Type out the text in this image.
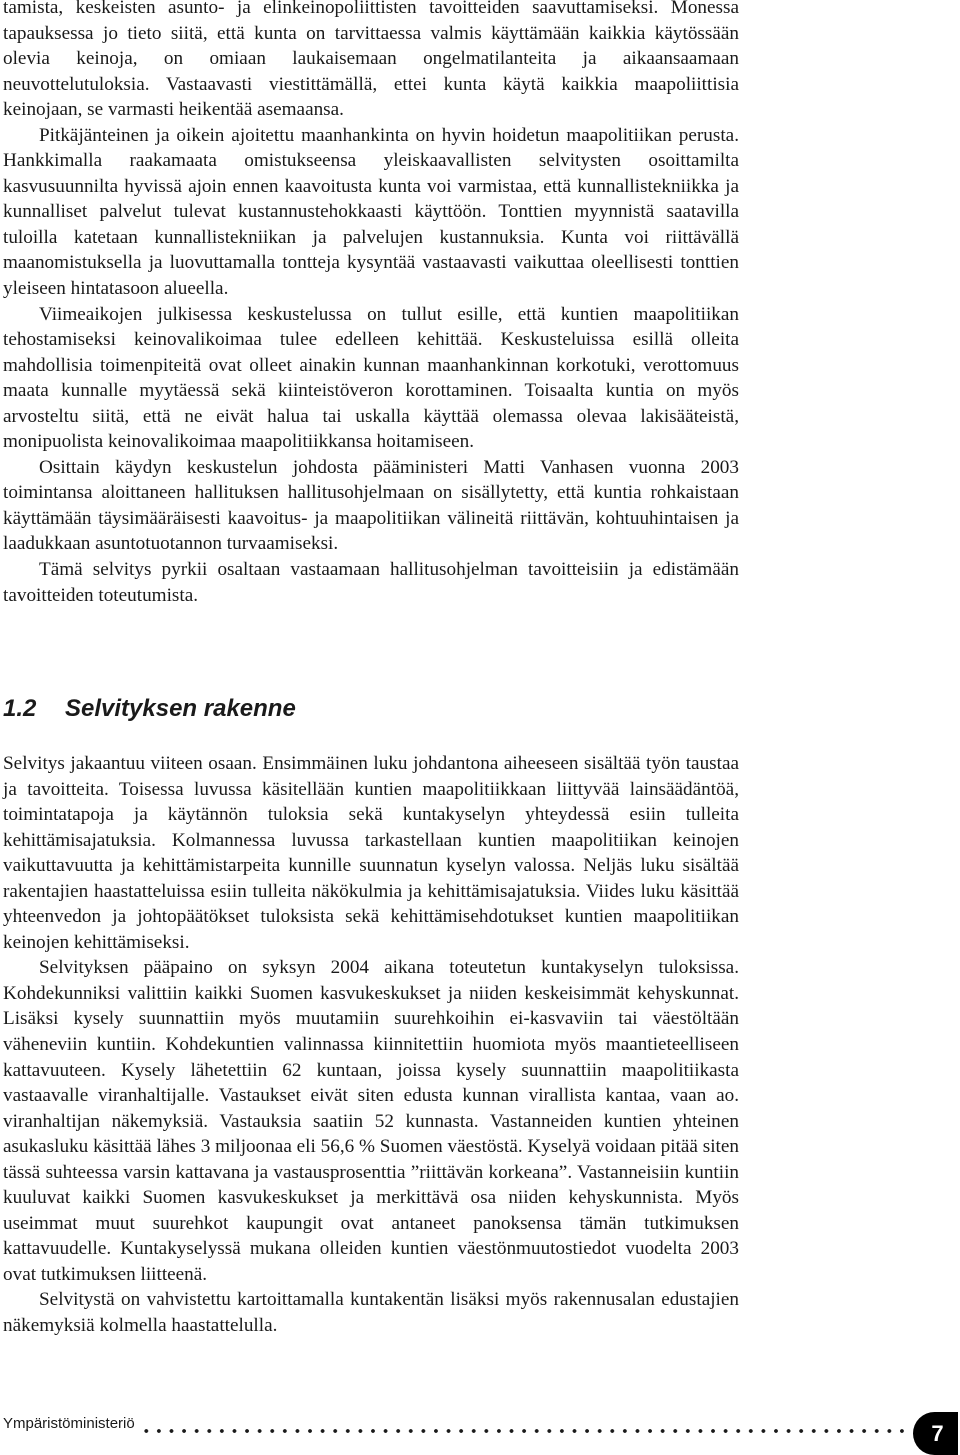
tamista, keskeisten asunto- ja elinkeinopoliittisten tavoitteiden saavuttamiseksi. Monessa tapauksessa jo tieto siitä, että kunta on tarvittaessa valmis käyttämään kaikkia käytössään olevia keinoja, on omiaan laukaisemaan ongelmatilanteita ja aikaansaamaan neuvottelutuloksia. Vastaavasti viestittämällä, ettei kunta käytä kaikkia maapoliittisia keinojaan, se varmasti heikentää asemaansa.

Pitkäjänteinen ja oikein ajoitettu maanhankinta on hyvin hoidetun maapolitiikan perusta. Hankkimalla raakamaata omistukseensa yleiskaavallisten selvitysten osoittamilta kasvusuunnilta hyvissä ajoin ennen kaavoitusta kunta voi varmistaa, että kunnallistekniikka ja kunnalliset palvelut tulevat kustannustehokkaasti käyttöön. Tonttien myynnistä saatavilla tuloilla katetaan kunnallistekniikan ja palvelujen kustannuksia. Kunta voi riittävällä maanomistuksella ja luovuttamalla tontteja kysyntää vastaavasti vaikuttaa oleellisesti tonttien yleiseen hintatasoon alueella.

Viimeaikojen julkisessa keskustelussa on tullut esille, että kuntien maapolitiikan tehostamiseksi keinovalikoimaa tulee edelleen kehittää. Keskusteluissa esillä olleita mahdollisia toimenpiteitä ovat olleet ainakin kunnan maanhankinnan korkotuki, verottomuus maata kunnalle myytäessä sekä kiinteistöveron korottaminen. Toisaalta kuntia on myös arvosteltu siitä, että ne eivät halua tai uskalla käyttää olemassa olevaa lakisääteistä, monipuolista keinovalikoimaa maapolitiikkansa hoitamiseen.

Osittain käydyn keskustelun johdosta pääministeri Matti Vanhasen vuonna 2003 toimintansa aloittaneen hallituksen hallitusohjelmaan on sisällytetty, että kuntia rohkaistaan käyttämään täysimääräisesti kaavoitus- ja maapolitiikan välineitä riittävän, kohtuuhintaisen ja laadukkaan asuntotuotannon turvaamiseksi.

Tämä selvitys pyrkii osaltaan vastaamaan hallitusohjelman tavoitteisiin ja edistämään tavoitteiden toteutumista.

1.2 Selvityksen rakenne

Selvitys jakaantuu viiteen osaan. Ensimmäinen luku johdantona aiheeseen sisältää työn taustaa ja tavoitteita. Toisessa luvussa käsitellään kuntien maapolitiikkaan liittyvää lainsäädäntöä, toimintatapoja ja käytännön tuloksia sekä kuntakyselyn yhteydessä esiin tulleita kehittämisajatuksia. Kolmannessa luvussa tarkastellaan kuntien maapolitiikan keinojen vaikuttavuutta ja kehittämistarpeita kunnille suunnatun kyselyn valossa. Neljäs luku sisältää rakentajien haastatteluissa esiin tulleita näkökulmia ja kehittämisajatuksia. Viides luku käsittää yhteenvedon ja johtopäätökset tuloksista sekä kehittämisehdotukset kuntien maapolitiikan keinojen kehittämiseksi.

Selvityksen pääpaino on syksyn 2004 aikana toteutetun kuntakyselyn tuloksissa. Kohdekunniksi valittiin kaikki Suomen kasvukeskukset ja niiden keskeisimmät kehyskunnat. Lisäksi kysely suunnattiin myös muutamiin suurehkoihin ei-kasvaviin tai väestöltään väheneviin kuntiin. Kohdekuntien valinnassa kiinnitettiin huomiota myös maantieteelliseen kattavuuteen. Kysely lähetettiin 62 kuntaan, joissa kysely suunnattiin maapolitiikasta vastaavalle viranhaltijalle. Vastaukset eivät siten edusta kunnan virallista kantaa, vaan ao. viranhaltijan näkemyksiä. Vastauksia saatiin 52 kunnasta. Vastanneiden kuntien yhteinen asukasluku käsittää lähes 3 miljoonaa eli 56,6 % Suomen väestöstä. Kyselyä voidaan pitää siten tässä suhteessa varsin kattavana ja vastausprosenttia ”riittävän korkeana”. Vastanneisiin kuntiin kuuluvat kaikki Suomen kasvukeskukset ja merkittävä osa niiden kehyskunnista. Myös useimmat muut suurehkot kaupungit ovat antaneet panoksensa tämän tutkimuksen kattavuudelle. Kuntakyselyssä mukana olleiden kuntien väestönmuutostiedot vuodelta 2003 ovat tutkimuksen liitteenä.

Selvitystä on vahvistettu kartoittamalla kuntakentän lisäksi myös rakennusalan edustajien näkemyksiä kolmella haastattelulla.

Ympäristöministeriö	7
